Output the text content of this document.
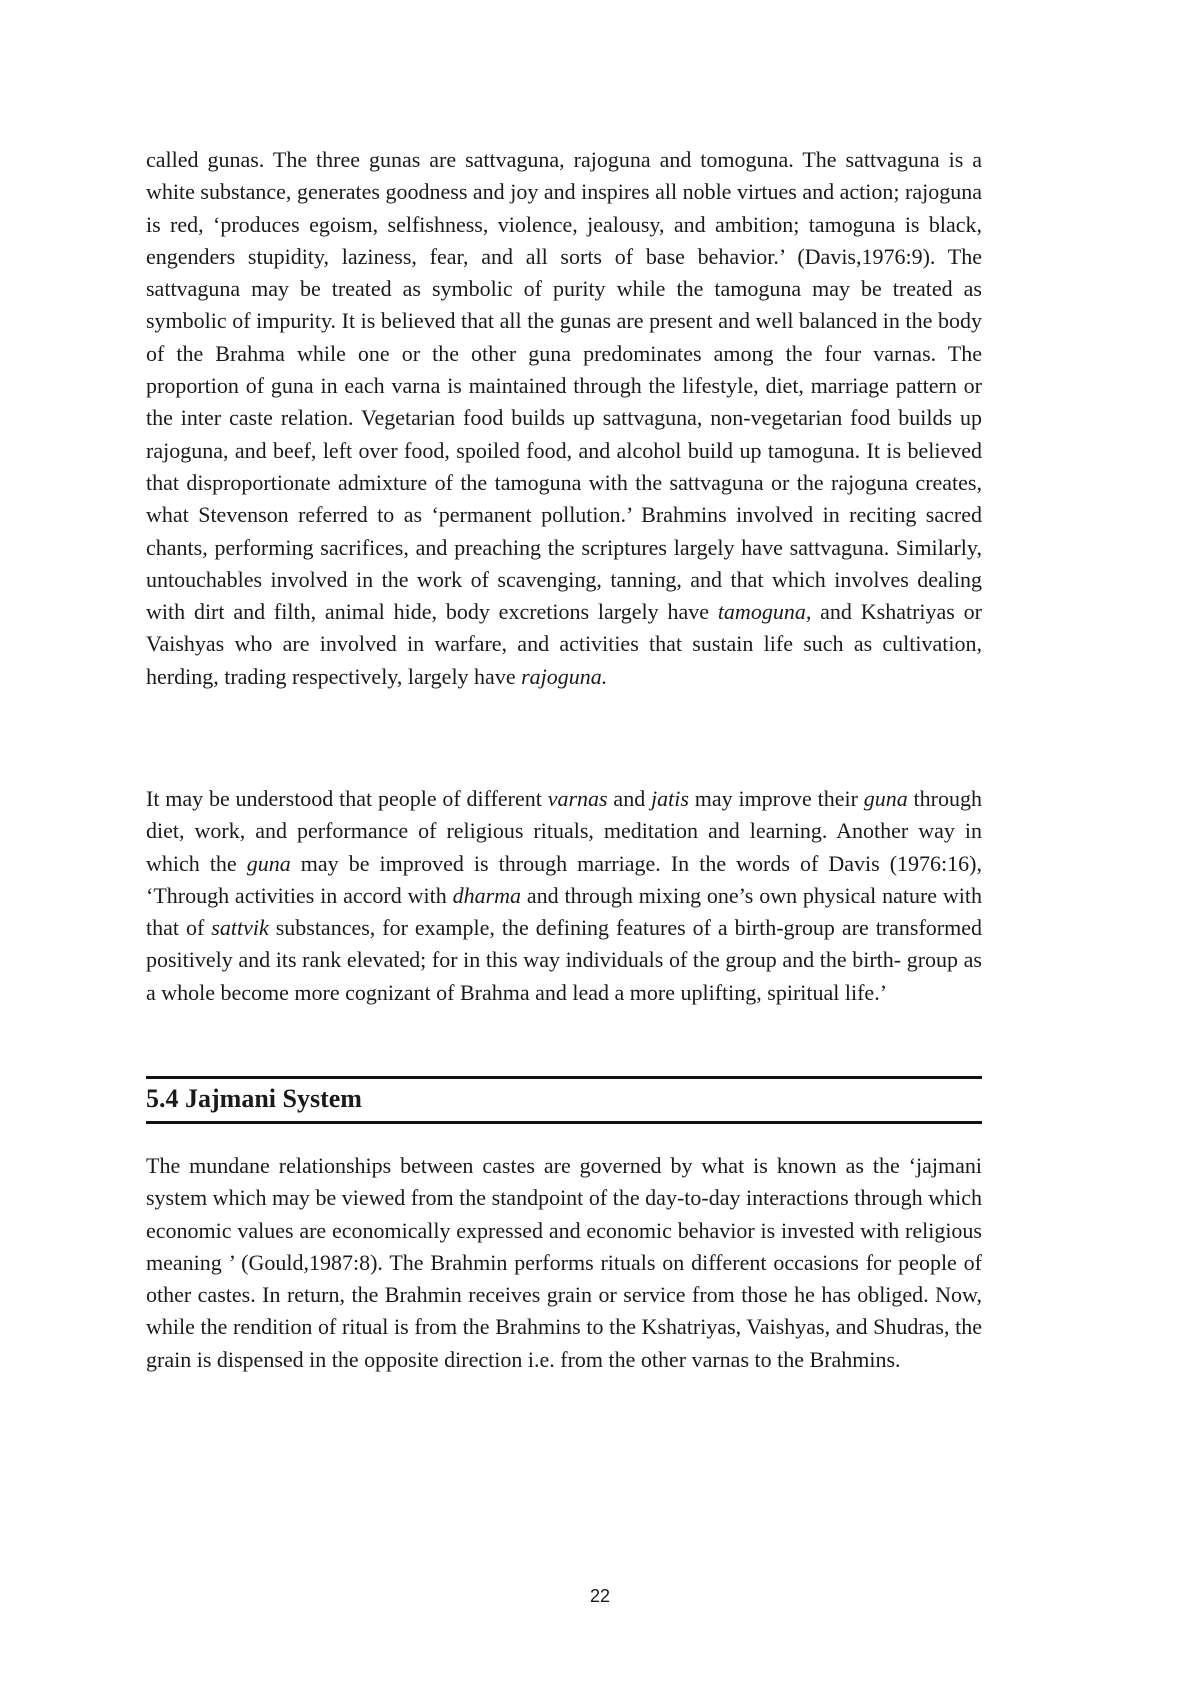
called gunas. The three gunas are sattvaguna, rajoguna and tomoguna. The sattvaguna is a white substance, generates goodness and joy and inspires all noble virtues and action; rajoguna is red, ‘produces egoism, selfishness, violence, jealousy, and ambition; tamoguna is black, engenders stupidity, laziness, fear, and all sorts of base behavior.’ (Davis,1976:9). The sattvaguna may be treated as symbolic of purity while the tamoguna may be treated as symbolic of impurity. It is believed that all the gunas are present and well balanced in the body of the Brahma while one or the other guna predominates among the four varnas. The proportion of guna in each varna is maintained through the lifestyle, diet, marriage pattern or the inter caste relation. Vegetarian food builds up sattvaguna, non-vegetarian food builds up rajoguna, and beef, left over food, spoiled food, and alcohol build up tamoguna. It is believed that disproportionate admixture of the tamoguna with the sattvaguna or the rajoguna creates, what Stevenson referred to as ‘permanent pollution.’ Brahmins involved in reciting sacred chants, performing sacrifices, and preaching the scriptures largely have sattvaguna. Similarly, untouchables involved in the work of scavenging, tanning, and that which involves dealing with dirt and filth, animal hide, body excretions largely have tamoguna, and Kshatriyas or Vaishyas who are involved in warfare, and activities that sustain life such as cultivation, herding, trading respectively, largely have rajoguna.

It may be understood that people of different varnas and jatis may improve their guna through diet, work, and performance of religious rituals, meditation and learning. Another way in which the guna may be improved is through marriage. In the words of Davis (1976:16), ‘Through activities in accord with dharma and through mixing one’s own physical nature with that of sattvik substances, for example, the defining features of a birth-group are transformed positively and its rank elevated; for in this way individuals of the group and the birth- group as a whole become more cognizant of Brahma and lead a more uplifting, spiritual life.’

5.4 Jajmani System

The mundane relationships between castes are governed by what is known as the ‘jajmani system which may be viewed from the standpoint of the day-to-day interactions through which economic values are economically expressed and economic behavior is invested with religious meaning ’ (Gould,1987:8). The Brahmin performs rituals on different occasions for people of other castes. In return, the Brahmin receives grain or service from those he has obliged. Now, while the rendition of ritual is from the Brahmins to the Kshatriyas, Vaishyas, and Shudras, the grain is dispensed in the opposite direction i.e. from the other varnas to the Brahmins.

22
